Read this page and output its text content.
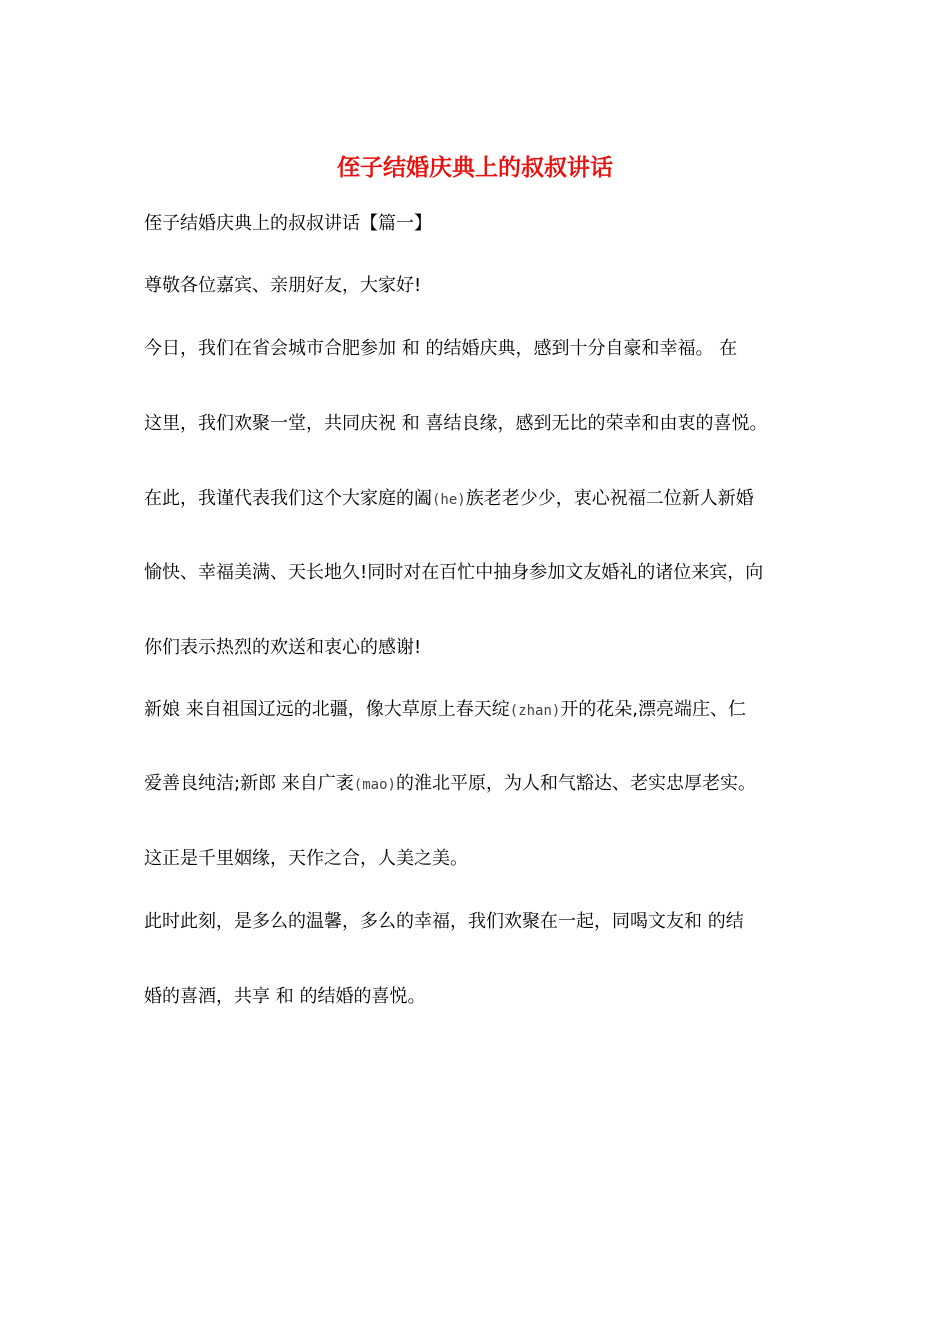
侄子结婚庆典上的叔叔讲话
侄子结婚庆典上的叔叔讲话【篇一】
尊敬各位嘉宾、亲朋好友，大家好!
今日，我们在省会城市合肥参加 和 的结婚庆典，感到十分自豪和幸福。 在
这里，我们欢聚一堂，共同庆祝 和 喜结良缘，感到无比的荣幸和由衷的喜悦。
在此，我谨代表我们这个大家庭的阖(he)族老老少少，衷心祝福二位新人新婚
愉快、幸福美满、天长地久!同时对在百忙中抽身参加文友婚礼的诸位来宾，向
你们表示热烈的欢送和衷心的感谢!
新娘 来自祖国辽远的北疆，像大草原上春天绽(zhan)开的花朵,漂亮端庄、仁
爱善良纯洁;新郎 来自广袤(mao)的淮北平原，为人和气豁达、老实忠厚老实。
这正是千里姻缘，天作之合，人美之美。
此时此刻，是多么的温馨，多么的幸福，我们欢聚在一起，同喝文友和 的结
婚的喜酒，共享 和 的结婚的喜悦。
